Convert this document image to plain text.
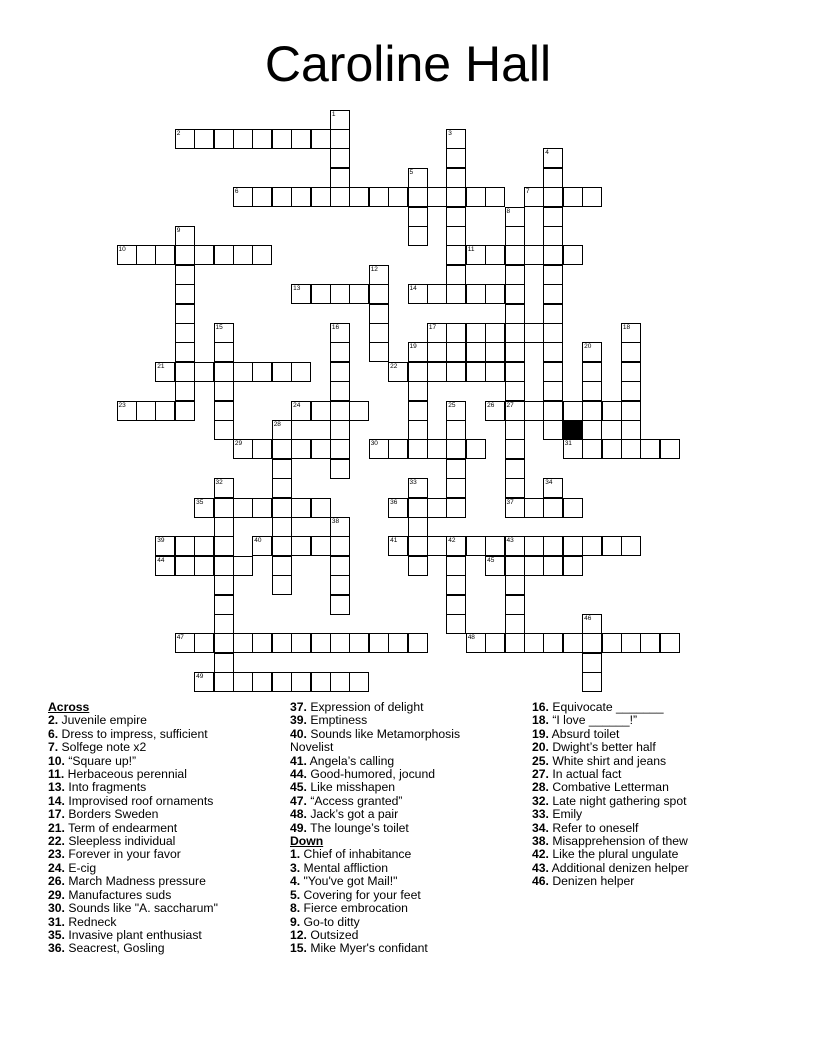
Caroline Hall
2
6	7
10	11
13	14
17
19
21	22
23	24	26 27
29	30	31
35	36	37
39	40	41	42	43
44	45
47	48
49
1
3
4
5
8
9
12
15	16	18
20
25
28
32	33	34
38
46
Across
2. Juvenile empire
6. Dress to impress, sufficient
7. Solfege note x2
10. “Square up!”
11. Herbaceous perennial
13. Into fragments
14. Improvised roof ornaments
17. Borders Sweden
21. Term of endearment
22. Sleepless individual
23. Forever in your favor
24. E-cig
26. March Madness pressure
29. Manufactures suds
30. Sounds like "A. saccharum"
31. Redneck
35. Invasive plant enthusiast
36. Seacrest, Gosling
37. Expression of delight
39. Emptiness
40. Sounds like Metamorphosis
Novelist
41. Angela’s calling
44. Good-humored, jocund
45. Like misshapen
47. “Access granted”
48. Jack’s got a pair
49. The lounge’s toilet
Down
1. Chief of inhabitance
3. Mental affliction
4. "You've got Mail!"
5. Covering for your feet
8. Fierce embrocation
9. Go-to ditty
12. Outsized
15. Mike Myer's confidant
16. Equivocate _______
18. “I love ______!”
19. Absurd toilet
20. Dwight’s better half
25. White shirt and jeans
27. In actual fact
28. Combative Letterman
32. Late night gathering spot
33. Emily
34. Refer to oneself
38. Misapprehension of thew
42. Like the plural ungulate
43. Additional denizen helper
46. Denizen helper
